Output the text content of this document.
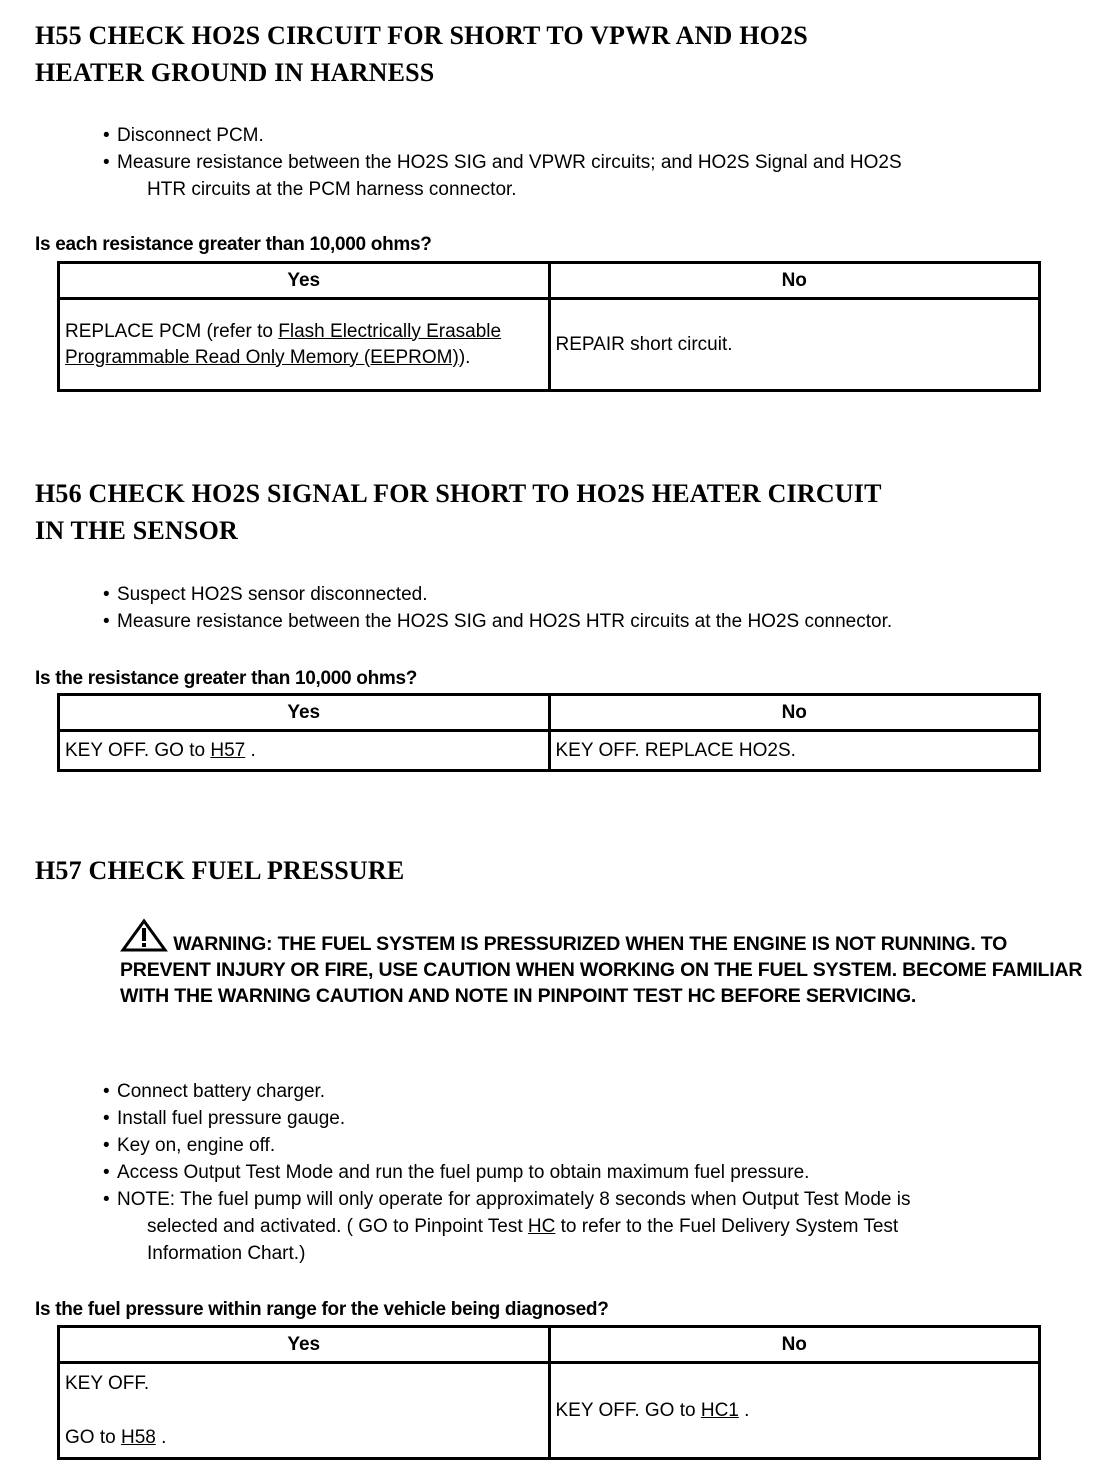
H55 CHECK HO2S CIRCUIT FOR SHORT TO VPWR AND HO2S
HEATER GROUND IN HARNESS
• Disconnect PCM.
• Measure resistance between the HO2S SIG and VPWR circuits; and HO2S Signal and HO2S
HTR circuits at the PCM harness connector.
Is each resistance greater than 10,000 ohms?
Yes	No
REPLACE PCM (refer to Flash Electrically Erasable Programmable Read Only Memory (EEPROM)).	REPAIR short circuit.
H56 CHECK HO2S SIGNAL FOR SHORT TO HO2S HEATER CIRCUIT
IN THE SENSOR
• Suspect HO2S sensor disconnected.
• Measure resistance between the HO2S SIG and HO2S HTR circuits at the HO2S connector.
Is the resistance greater than 10,000 ohms?
Yes	No
KEY OFF. GO to H57 .	KEY OFF. REPLACE HO2S.
H57 CHECK FUEL PRESSURE
WARNING: THE FUEL SYSTEM IS PRESSURIZED WHEN THE ENGINE IS NOT RUNNING. TO PREVENT INJURY OR FIRE, USE CAUTION WHEN WORKING ON THE FUEL SYSTEM. BECOME FAMILIAR WITH THE WARNING CAUTION AND NOTE IN PINPOINT TEST HC BEFORE SERVICING.
• Connect battery charger.
• Install fuel pressure gauge.
• Key on, engine off.
• Access Output Test Mode and run the fuel pump to obtain maximum fuel pressure.
• NOTE: The fuel pump will only operate for approximately 8 seconds when Output Test Mode is
selected and activated. ( GO to Pinpoint Test HC to refer to the Fuel Delivery System Test
Information Chart.)
Is the fuel pressure within range for the vehicle being diagnosed?
Yes	No

KEY OFF.
GO to H58 .	KEY OFF. GO to HC1 .
